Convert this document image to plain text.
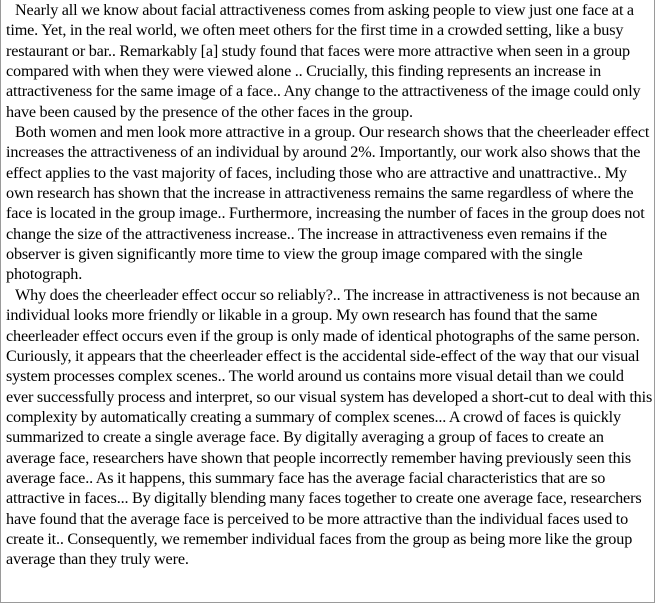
Nearly all we know about facial attractiveness comes from asking people to view just one face at a time. Yet, in the real world, we often meet others for the first time in a crowded setting, like a busy restaurant or bar.. Remarkably [a] study found that faces were more attractive when seen in a group compared with when they were viewed alone .. Crucially, this finding represents an increase in attractiveness for the same image of a face.. Any change to the attractiveness of the image could only have been caused by the presence of the other faces in the group.

Both women and men look more attractive in a group. Our research shows that the cheerleader effect increases the attractiveness of an individual by around 2%. Importantly, our work also shows that the effect applies to the vast majority of faces, including those who are attractive and unattractive.. My own research has shown that the increase in attractiveness remains the same regardless of where the face is located in the group image.. Furthermore, increasing the number of faces in the group does not change the size of the attractiveness increase.. The increase in attractiveness even remains if the observer is given significantly more time to view the group image compared with the single photograph.

Why does the cheerleader effect occur so reliably?.. The increase in attractiveness is not because an individual looks more friendly or likable in a group. My own research has found that the same cheerleader effect occurs even if the group is only made of identical photographs of the same person. Curiously, it appears that the cheerleader effect is the accidental side-effect of the way that our visual system processes complex scenes.. The world around us contains more visual detail than we could ever successfully process and interpret, so our visual system has developed a short-cut to deal with this complexity by automatically creating a summary of complex scenes... A crowd of faces is quickly summarized to create a single average face. By digitally averaging a group of faces to create an average face, researchers have shown that people incorrectly remember having previously seen this average face.. As it happens, this summary face has the average facial characteristics that are so attractive in faces... By digitally blending many faces together to create one average face, researchers have found that the average face is perceived to be more attractive than the individual faces used to create it.. Consequently, we remember individual faces from the group as being more like the group average than they truly were.
